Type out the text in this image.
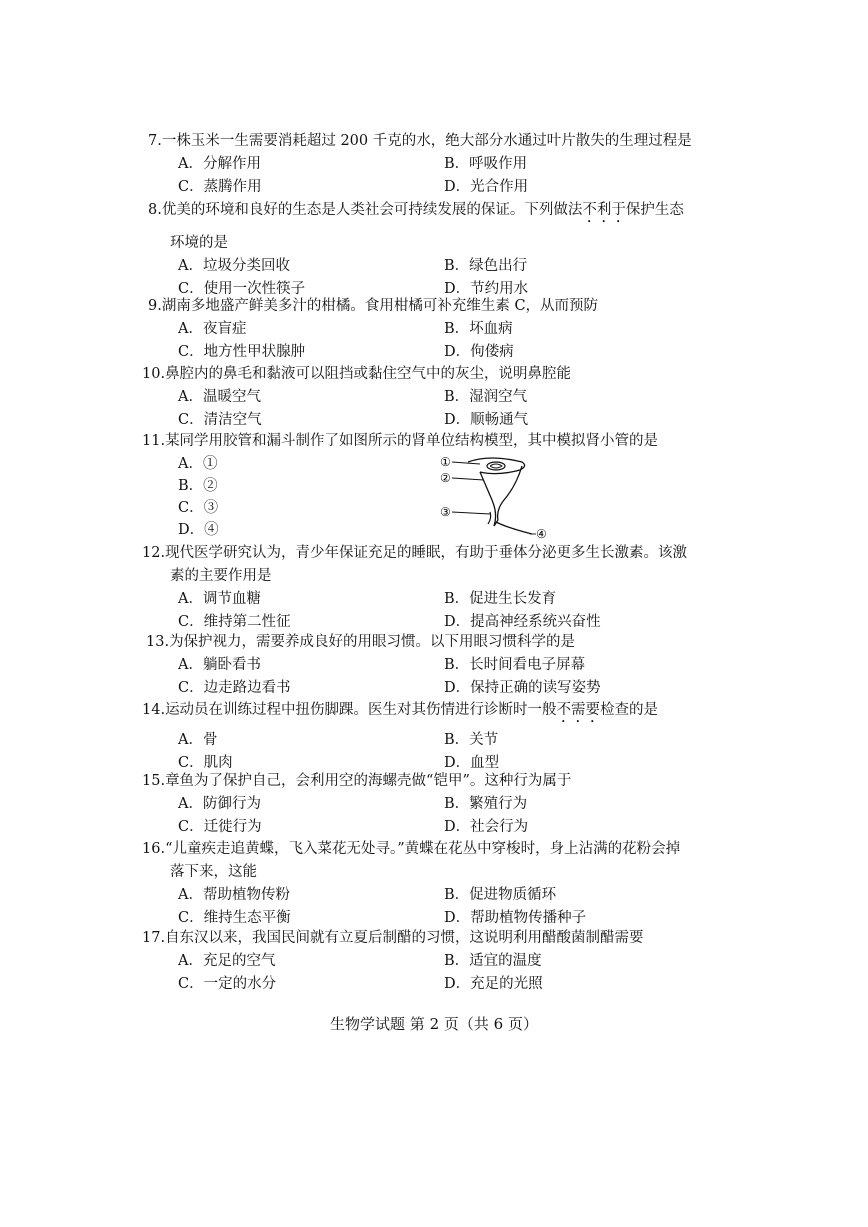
7.一株玉米一生需要消耗超过 200 千克的水，绝大部分水通过叶片散失的生理过程是
A．分解作用	B．呼吸作用
C．蒸腾作用	D．光合作用
8.优美的环境和良好的生态是人类社会可持续发展的保证。下列做法不利于保护生态
环境的是
A．垃圾分类回收	B．绿色出行
C．使用一次性筷子	D．节约用水
9.湖南多地盛产鲜美多汁的柑橘。食用柑橘可补充维生素 C，从而预防
A．夜盲症	B．坏血病
C．地方性甲状腺肿	D．佝偻病
10.鼻腔内的鼻毛和黏液可以阻挡或黏住空气中的灰尘，说明鼻腔能
A．温暖空气	B．湿润空气
C．清洁空气	D．顺畅通气
11.某同学用胶管和漏斗制作了如图所示的肾单位结构模型，其中模拟肾小管的是
A．①
B．②
C．③
D．④
①
②
③
④
12.现代医学研究认为，青少年保证充足的睡眠，有助于垂体分泌更多生长激素。该激
素的主要作用是
A．调节血糖	B．促进生长发育
C．维持第二性征	D．提高神经系统兴奋性
13.为保护视力，需要养成良好的用眼习惯。以下用眼习惯科学的是
A．躺卧看书	B．长时间看电子屏幕
C．边走路边看书	D．保持正确的读写姿势
14.运动员在训练过程中扭伤脚踝。医生对其伤情进行诊断时一般不需要检查的是
A．骨	B．关节
C．肌肉	D．血型
15.章鱼为了保护自己，会利用空的海螺壳做“铠甲”。这种行为属于
A．防御行为	B．繁殖行为
C．迁徙行为	D．社会行为
16.“儿童疾走追黄蝶，飞入菜花无处寻。”黄蝶在花丛中穿梭时，身上沾满的花粉会掉
落下来，这能
A．帮助植物传粉	B．促进物质循环
C．维持生态平衡	D．帮助植物传播种子
17.自东汉以来，我国民间就有立夏后制醋的习惯，这说明利用醋酸菌制醋需要
A．充足的空气	B．适宜的温度
C．一定的水分	D．充足的光照
生物学试题 第 2 页（共 6 页）
